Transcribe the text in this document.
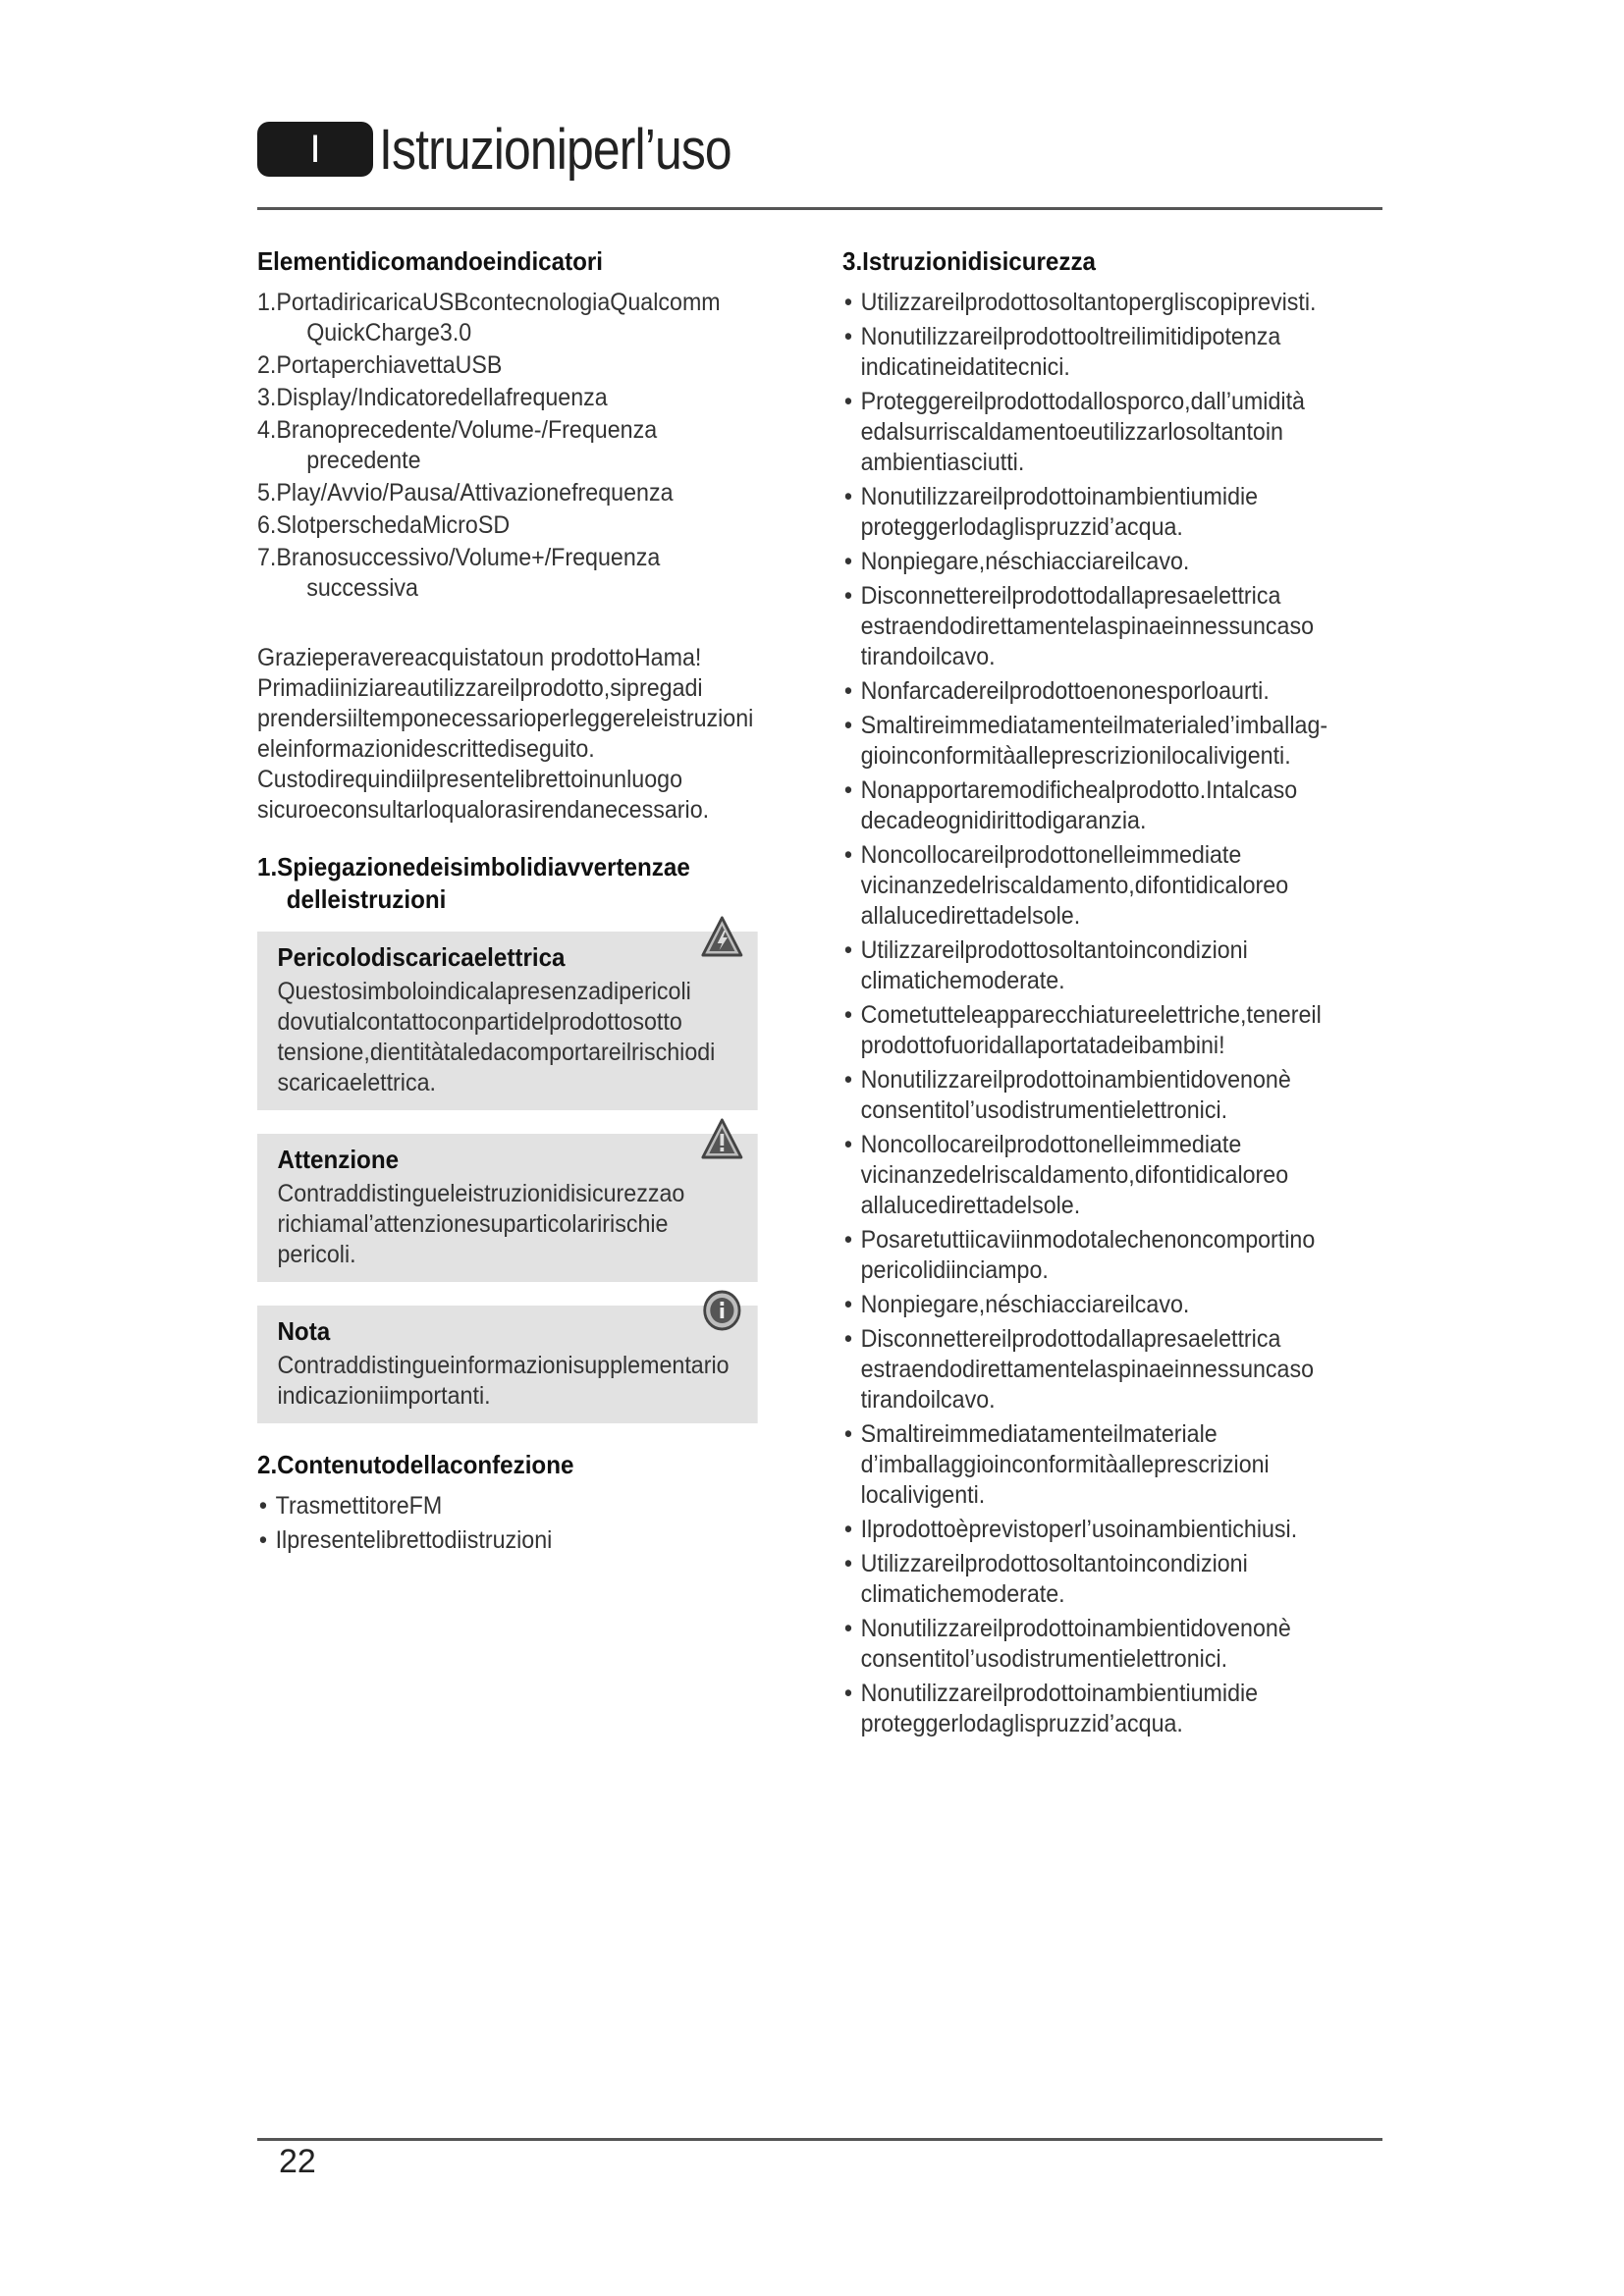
I	Istruzioniperl’uso
Elementidicomandoeindicatori
1.PortadiricaricaUSBcontecnologiaQualcomm QuickCharge3.0
2.PortaperchiavettaUSB
3.Display/Indicatoredellafrequenza
4.Branoprecedente/Volume-/Frequenza precedente
5.Play/Avvio/Pausa/Attivazionefrequenza
6.SlotperschedaMicroSD
7.Branosuccessivo/Volume+/Frequenza successiva

Grazieperavereacquistatoun prodottoHama! Primadiiniziareautilizzareilprodotto,sipregadi prendersiiltemponecessarioperleggereleistruzioni eleinformazionidescrittediseguito. Custodirequindiilpresentelibrettoinunluogo sicuroeconsultarloqualorasirendanecessario.

1.Spiegazionedeisimbolidiavvertenzae delleistruzioni
Pericolodiscaricaelettrica
Questosimboloindicalapresenzadipericoli dovutialcontattoconpartidelprodottosotto tensione,dientitàtaledacomportareilrischiodi scaricaelettrica.
Attenzione
Contraddistingueleistruzionidisicurezzao richiamal’attenzionesuparticolaririschie pericoli.
Nota
Contraddistingueinformazionisupplementario indicazioniimportanti.
2.Contenutodellaconfezione
• TrasmettitoreFM
• Ilpresentelibrettodiistruzioni
3.Istruzionidisicurezza
• Utilizzareilprodottosoltantopergliscopiprevisti.
• Nonutilizzareilprodottooltreilimitidipotenza indicatineidatitecnici.
• Proteggereilprodottodallosporco,dall’umidità edalsurriscaldamentoeutilizzarlosoltantoin ambientiasciutti.
• Nonutilizzareilprodottoinambientiumidie proteggerlodaglispruzzid’acqua.
• Nonpiegare,néschiacciareilcavo.
• Disconnettereilprodottodallapresaelettrica estraendodirettamentelaspinaeinnessuncaso tirandoilcavo.
• Nonfarcadereilprodottoenonesporloaurti.
• Smaltireimmediatamenteilmaterialed’imballag- gioinconformitàalleprescrizionilocalivigenti.
• Nonapportaremodifichealprodotto.Intalcaso decadeognidirittodigaranzia.
• Noncollocareilprodottonelleimmediate vicinanzedelriscaldamento,difontidicaloreo allalucedirettadelsole.
• Utilizzareilprodottosoltantoincondizioni climatichemoderate.
• Cometutteleapparecchiatureelettriche,tenereil prodottofuoridallaportatadeibambini!
• Nonutilizzareilprodottoinambientidovenonè consentitol’usodistrumentielettronici.
• Noncollocareilprodottonelleimmediate vicinanzedelriscaldamento,difontidicaloreo allalucedirettadelsole.
• Posaretuttiicaviinmodotalechenoncomportino pericolidiinciampo.
• Nonpiegare,néschiacciareilcavo.
• Disconnettereilprodottodallapresaelettrica estraendodirettamentelaspinaeinnessuncaso tirandoilcavo.
• Smaltireimmediatamenteilmateriale d’imballaggioinconformitàalleprescrizioni localivigenti.
• Ilprodottoèprevistoperl’usoinambientichiusi.
• Utilizzareilprodottosoltantoincondizioni climatichemoderate.
• Nonutilizzareilprodottoinambientidovenonè consentitol’usodistrumentielettronici.
• Nonutilizzareilprodottoinambientiumidie proteggerlodaglispruzzid’acqua.
22
